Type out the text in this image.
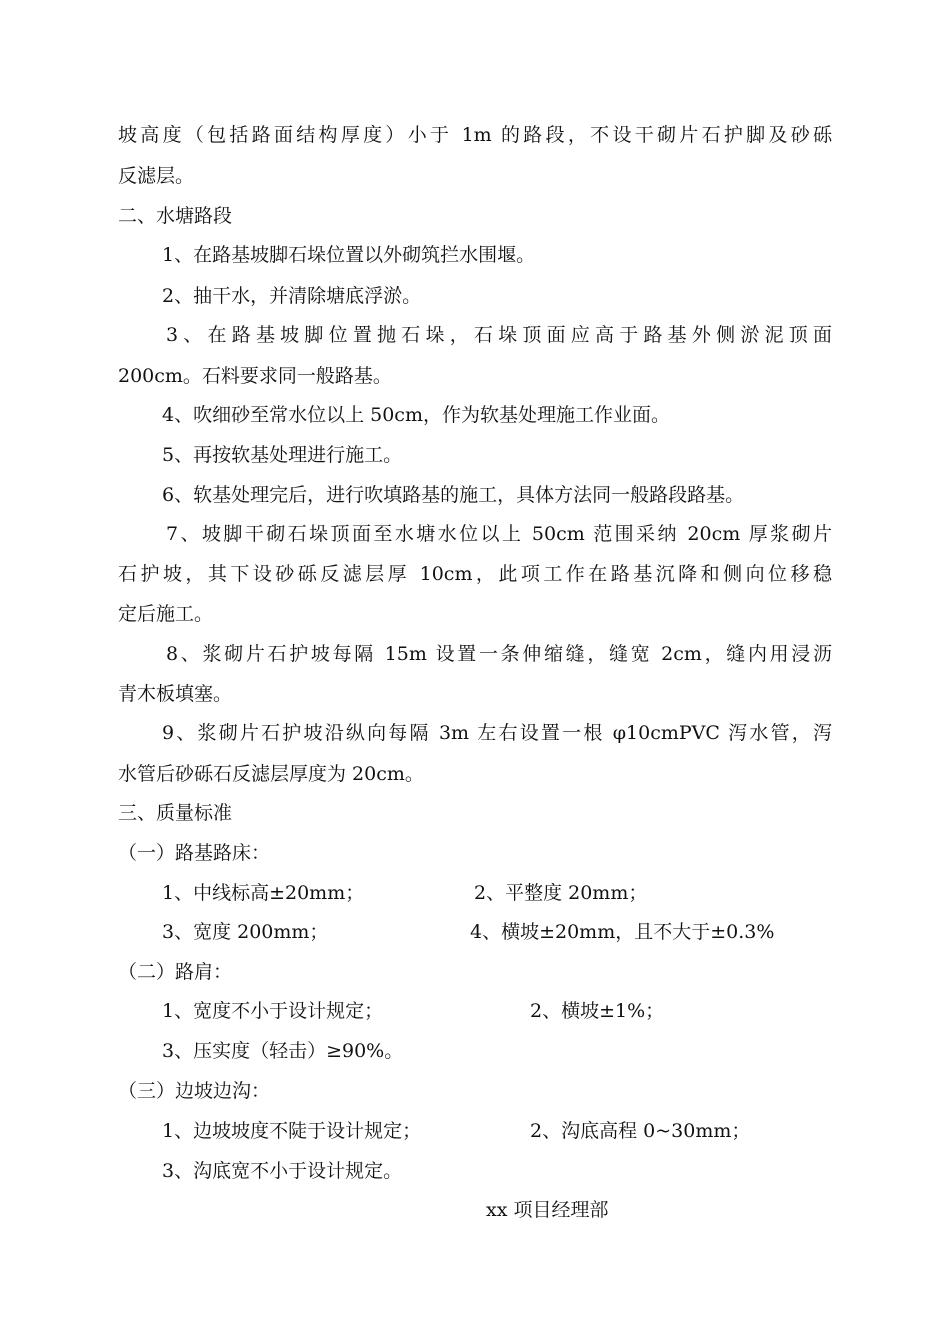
坡高度（包括路面结构厚度）小于 1m 的路段，不设干砌片石护脚及砂砾
反滤层。
二、水塘路段
1、在路基坡脚石垛位置以外砌筑拦水围堰。
2、抽干水，并清除塘底浮淤。
3、在路基坡脚位置抛石垛，石垛顶面应高于路基外侧淤泥顶面
200cm。石料要求同一般路基。
4、吹细砂至常水位以上 50cm，作为软基处理施工作业面。
5、再按软基处理进行施工。
6、软基处理完后，进行吹填路基的施工，具体方法同一般路段路基。
7、坡脚干砌石垛顶面至水塘水位以上 50cm 范围采纳 20cm 厚浆砌片
石护坡，其下设砂砾反滤层厚 10cm，此项工作在路基沉降和侧向位移稳
定后施工。
8、浆砌片石护坡每隔 15m 设置一条伸缩缝，缝宽 2cm，缝内用浸沥
青木板填塞。
9、浆砌片石护坡沿纵向每隔 3m 左右设置一根 φ10cmPVC 泻水管，泻
水管后砂砾石反滤层厚度为 20cm。
三、质量标准
（一）路基路床：
1、中线标高±20mm；	2、平整度 20mm；
3、宽度 200mm；	4、横坡±20mm，且不大于±0.3%
（二）路肩：
1、宽度不小于设计规定；	2、横坡±1%；
3、压实度（轻击）≥90%。
（三）边坡边沟：
1、边坡坡度不陡于设计规定；	2、沟底高程 0~30mm；
3、沟底宽不小于设计规定。
xx 项目经理部
